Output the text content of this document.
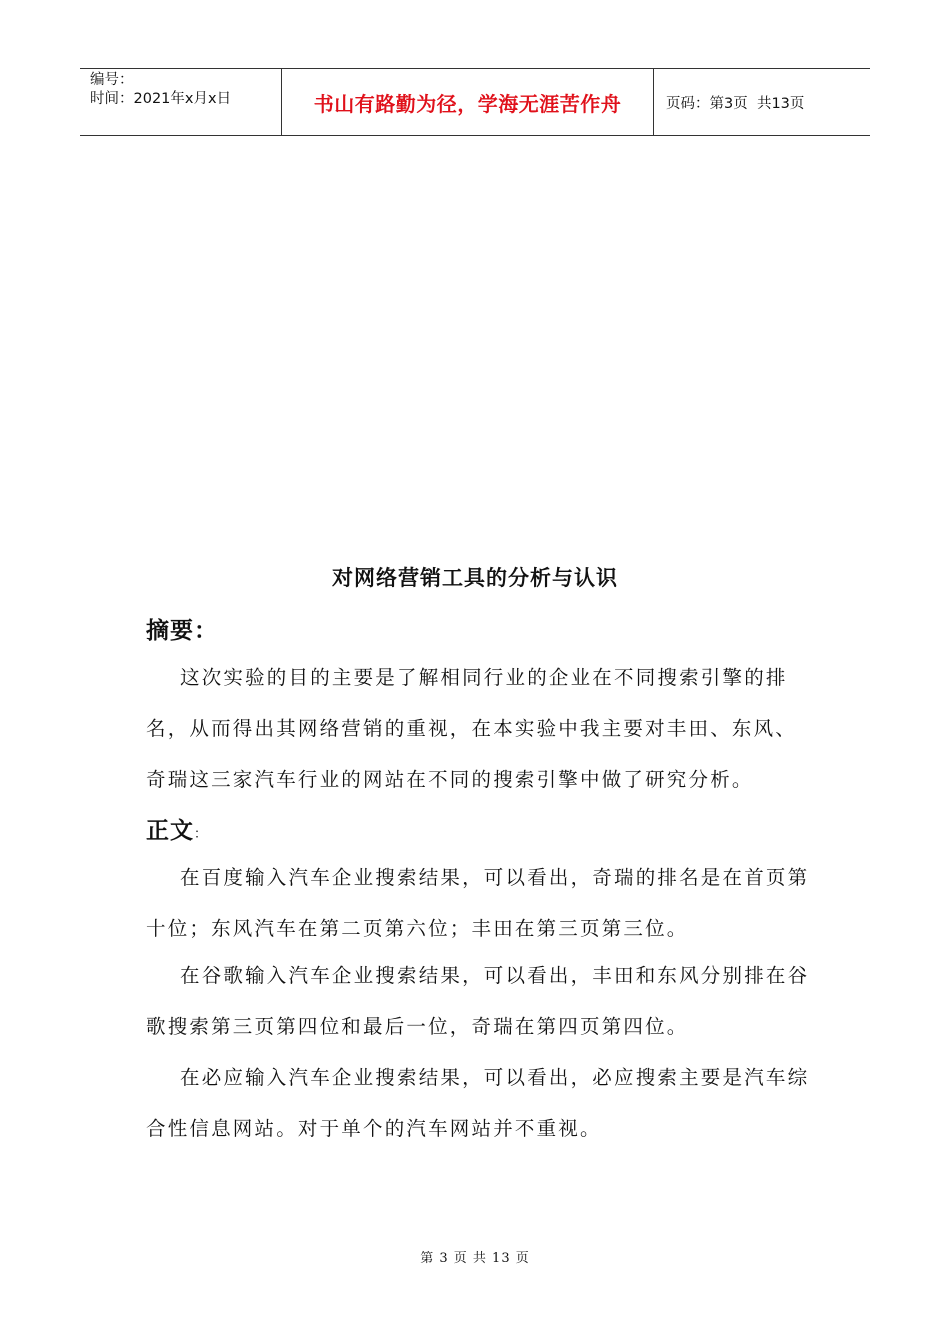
编号：
时间：2021年x月x日	书山有路勤为径，学海无涯苦作舟	页码：第3页  共13页
对网络营销工具的分析与认识
摘要：

这次实验的目的主要是了解相同行业的企业在不同搜索引擎的排名，从而得出其网络营销的重视，在本实验中我主要对丰田、东风、奇瑞这三家汽车行业的网站在不同的搜索引擎中做了研究分析。

正文：

在百度输入汽车企业搜索结果，可以看出，奇瑞的排名是在首页第十位；东风汽车在第二页第六位；丰田在第三页第三位。

在谷歌输入汽车企业搜索结果，可以看出，丰田和东风分别排在谷歌搜索第三页第四位和最后一位，奇瑞在第四页第四位。

在必应输入汽车企业搜索结果，可以看出，必应搜索主要是汽车综合性信息网站。对于单个的汽车网站并不重视。

第 3 页 共 13 页
